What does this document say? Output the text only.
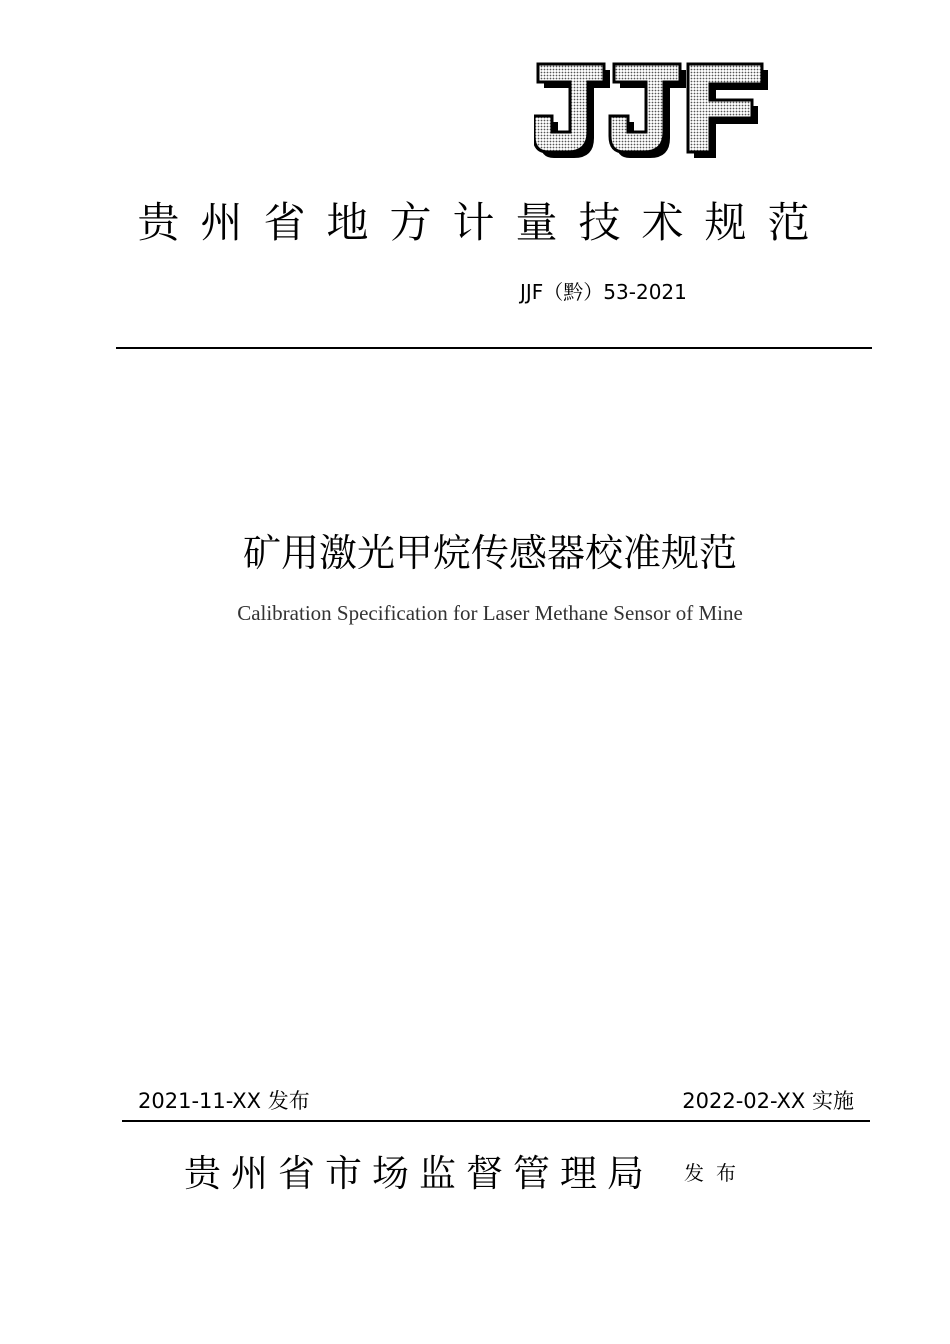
贵州省地方计量技术规范
JJF（黔）53-2021
矿用激光甲烷传感器校准规范
Calibration Specification for Laser Methane Sensor of Mine
2021-11-XX 发布	2022-02-XX 实施
贵州省市场监督管理局 发布
